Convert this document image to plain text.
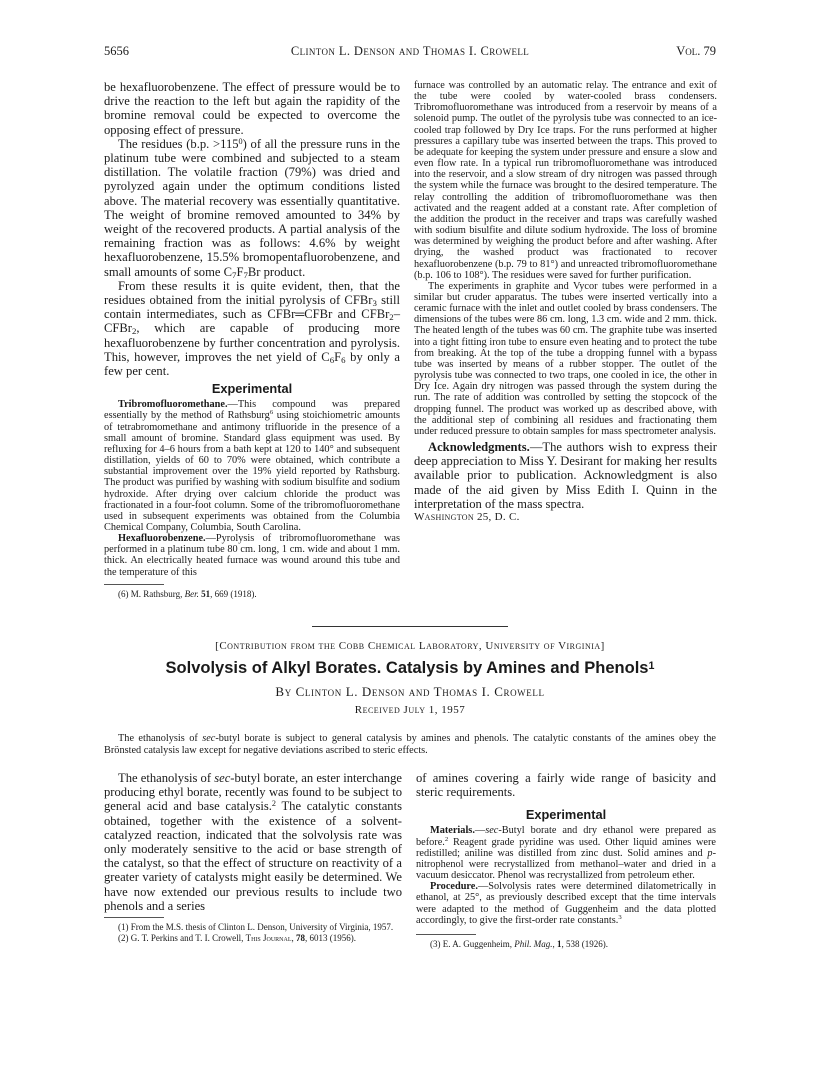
5656	Clinton L. Denson and Thomas I. Crowell	Vol. 79

be hexafluorobenzene. The effect of pressure would be to drive the reaction to the left but again the rapidity of the bromine removal could be expected to overcome the opposing effect of pressure.

The residues (b.p. $>115^0$) of all the pressure runs in the platinum tube were combined and subjected to a steam distillation. The volatile fraction (79%) was dried and pyrolyzed again under the optimum conditions listed above. The material recovery was essentially quantitative. The weight of bromine removed amounted to 34% by weight of the recovered products. A partial analysis of the remaining fraction was as follows: 4.6% by weight hexafluorobenzene, 15.5% bromopentafluorobenzene, and small amounts of some $C_7F_7Br$ product.

From these results it is quite evident, then, that the residues obtained from the initial pyrolysis of CFBr$_3$ still contain intermediates, such as CFBr═CFBr and CFBr$_2$–CFBr$_2$, which are capable of producing more hexafluorobenzene by further concentration and pyrolysis. This, however, improves the net yield of $C_6F_6$ by only a few per cent.

Experimental

Tribromofluoromethane.—This compound was prepared essentially by the method of Rathsburg$^6$ using stoichiometric amounts of tetrabromomethane and antimony trifluoride in the presence of a small amount of bromine. Standard glass equipment was used. By refluxing for 4–6 hours from a bath kept at 120 to 140° and subsequent distillation, yields of 60 to 70% were obtained, which contribute a substantial improvement over the 19% yield reported by Rathsburg. The product was purified by washing with sodium bisulfite and sodium hydroxide. After drying over calcium chloride the product was fractionated in a four-foot column. Some of the tribromofluoromethane used in subsequent experiments was obtained from the Columbia Chemical Company, Columbia, South Carolina.

Hexafluorobenzene.—Pyrolysis of tribromofluoromethane was performed in a platinum tube 80 cm. long, 1 cm. wide and about 1 mm. thick. An electrically heated furnace was wound around this tube and the temperature of this

(6) M. Rathsburg, Ber. 51, 669 (1918).

furnace was controlled by an automatic relay. The entrance and exit of the tube were cooled by water-cooled brass condensers. Tribromofluoromethane was introduced from a reservoir by means of a solenoid pump. The outlet of the pyrolysis tube was connected to an ice-cooled trap followed by Dry Ice traps. For the runs performed at higher pressures a capillary tube was inserted between the traps. This proved to be adequate for keeping the system under pressure and ensure a slow and even flow rate. In a typical run tribromofluoromethane was introduced into the reservoir, and a slow stream of dry nitrogen was passed through the system while the furnace was brought to the desired temperature. The relay controlling the addition of tribromofluoromethane was then activated and the reagent added at a constant rate. After completion of the addition the product in the receiver and traps was carefully washed with sodium bisulfite and dilute sodium hydroxide. The loss of bromine was determined by weighing the product before and after washing. After drying, the washed product was fractionated to recover hexafluorobenzene (b.p. 79 to 81°) and unreacted tribromofluoromethane (b.p. 106 to 108°). The residues were saved for further purification.

The experiments in graphite and Vycor tubes were performed in a similar but cruder apparatus. The tubes were inserted vertically into a ceramic furnace with the inlet and outlet cooled by brass condensers. The dimensions of the tubes were 86 cm. long, 1.3 cm. wide and 2 mm. thick. The heated length of the tubes was 60 cm. The graphite tube was inserted into a tight fitting iron tube to ensure even heating and to protect the tube from breaking. At the top of the tube a dropping funnel with a bypass tube was inserted by means of a rubber stopper. The outlet of the pyrolysis tube was connected to two traps, one cooled in ice, the other in Dry Ice. Again dry nitrogen was passed through the system during the run. The rate of addition was controlled by setting the stopcock of the dropping funnel. The product was worked up as described above, with the additional step of combining all residues and fractionating them under reduced pressure to obtain samples for mass spectrometer analysis.

Acknowledgments.—The authors wish to express their deep appreciation to Miss Y. Desirant for making her results available prior to publication. Acknowledgment is also made of the aid given by Miss Edith I. Quinn in the interpretation of the mass spectra.

Washington 25, D. C.

[Contribution from the Cobb Chemical Laboratory, University of Virginia]
Solvolysis of Alkyl Borates. Catalysis by Amines and Phenols$^1$
By Clinton L. Denson and Thomas I. Crowell
Received July 1, 1957
The ethanolysis of sec-butyl borate is subject to general catalysis by amines and phenols. The catalytic constants of the amines obey the Brönsted catalysis law except for negative deviations ascribed to steric effects.

The ethanolysis of sec-butyl borate, an ester interchange producing ethyl borate, recently was found to be subject to general acid and base catalysis.$^2$ The catalytic constants obtained, together with the existence of a solvent-catalyzed reaction, indicated that the solvolysis rate was only moderately sensitive to the acid or base strength of the catalyst, so that the effect of structure on reactivity of a greater variety of catalysts might easily be determined. We have now extended our previous results to include two phenols and a series

(1) From the M.S. thesis of Clinton L. Denson, University of Virginia, 1957.

(2) G. T. Perkins and T. I. Crowell, This Journal, 78, 6013 (1956).

of amines covering a fairly wide range of basicity and steric requirements.

Experimental

Materials.—sec-Butyl borate and dry ethanol were prepared as before.$^2$ Reagent grade pyridine was used. Other liquid amines were redistilled; aniline was distilled from zinc dust. Solid amines and p-nitrophenol were recrystallized from methanol–water and dried in a vacuum desiccator. Phenol was recrystallized from petroleum ether.

Procedure.—Solvolysis rates were determined dilatometrically in ethanol, at 25°, as previously described except that the time intervals were adapted to the method of Guggenheim and the data plotted accordingly, to give the first-order rate constants.$^3$

(3) E. A. Guggenheim, Phil. Mag., 1, 538 (1926).
